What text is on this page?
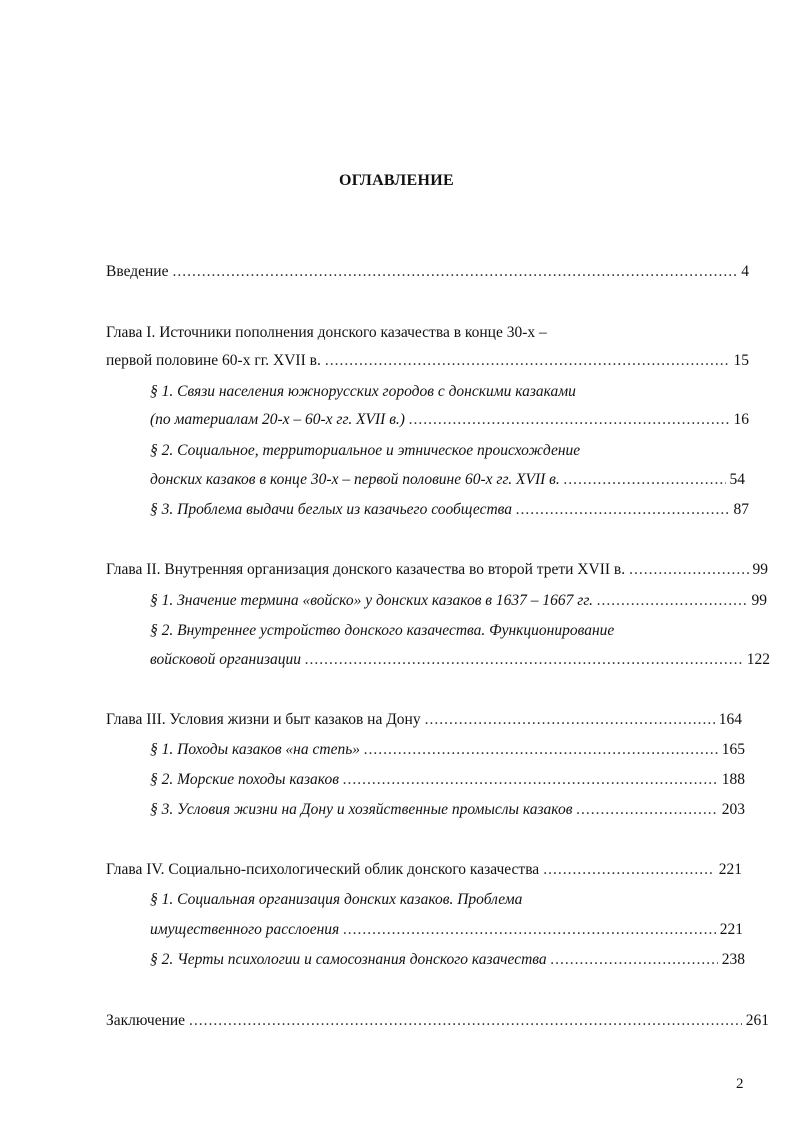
ОГЛАВЛЕНИЕ
Введение .....	4
Глава I. Источники пополнения донского казачества в конце 30-х –
первой половине 60-х гг. XVII в. .....	15
§ 1. Связи населения южнорусских городов с донскими казаками
(по материалам 20-х – 60-х гг. XVII в.) .....	16
§ 2. Социальное, территориальное и этническое происхождение
донских казаков в конце 30-х – первой половине 60-х гг. XVII в. .....	54
§ 3. Проблема выдачи беглых из казачьего сообщества .....	87
Глава II. Внутренняя организация донского казачества во второй трети XVII в. .....	99
§ 1. Значение термина «войско» у донских казаков в 1637 – 1667 гг. .....	99
§ 2. Внутреннее устройство донского казачества. Функционирование
войсковой организации .....	122
Глава III. Условия жизни и быт казаков на Дону .....	164
§ 1. Походы казаков «на степь» .....	165
§ 2. Морские походы казаков .....	188
§ 3. Условия жизни на Дону и хозяйственные промыслы казаков .....	203
Глава IV. Социально-психологический облик донского казачества .....	221
§ 1. Социальная организация донских казаков. Проблема
имущественного расслоения .....	221
§ 2. Черты психологии и самосознания донского казачества .....	238
Заключение .....	261
2
